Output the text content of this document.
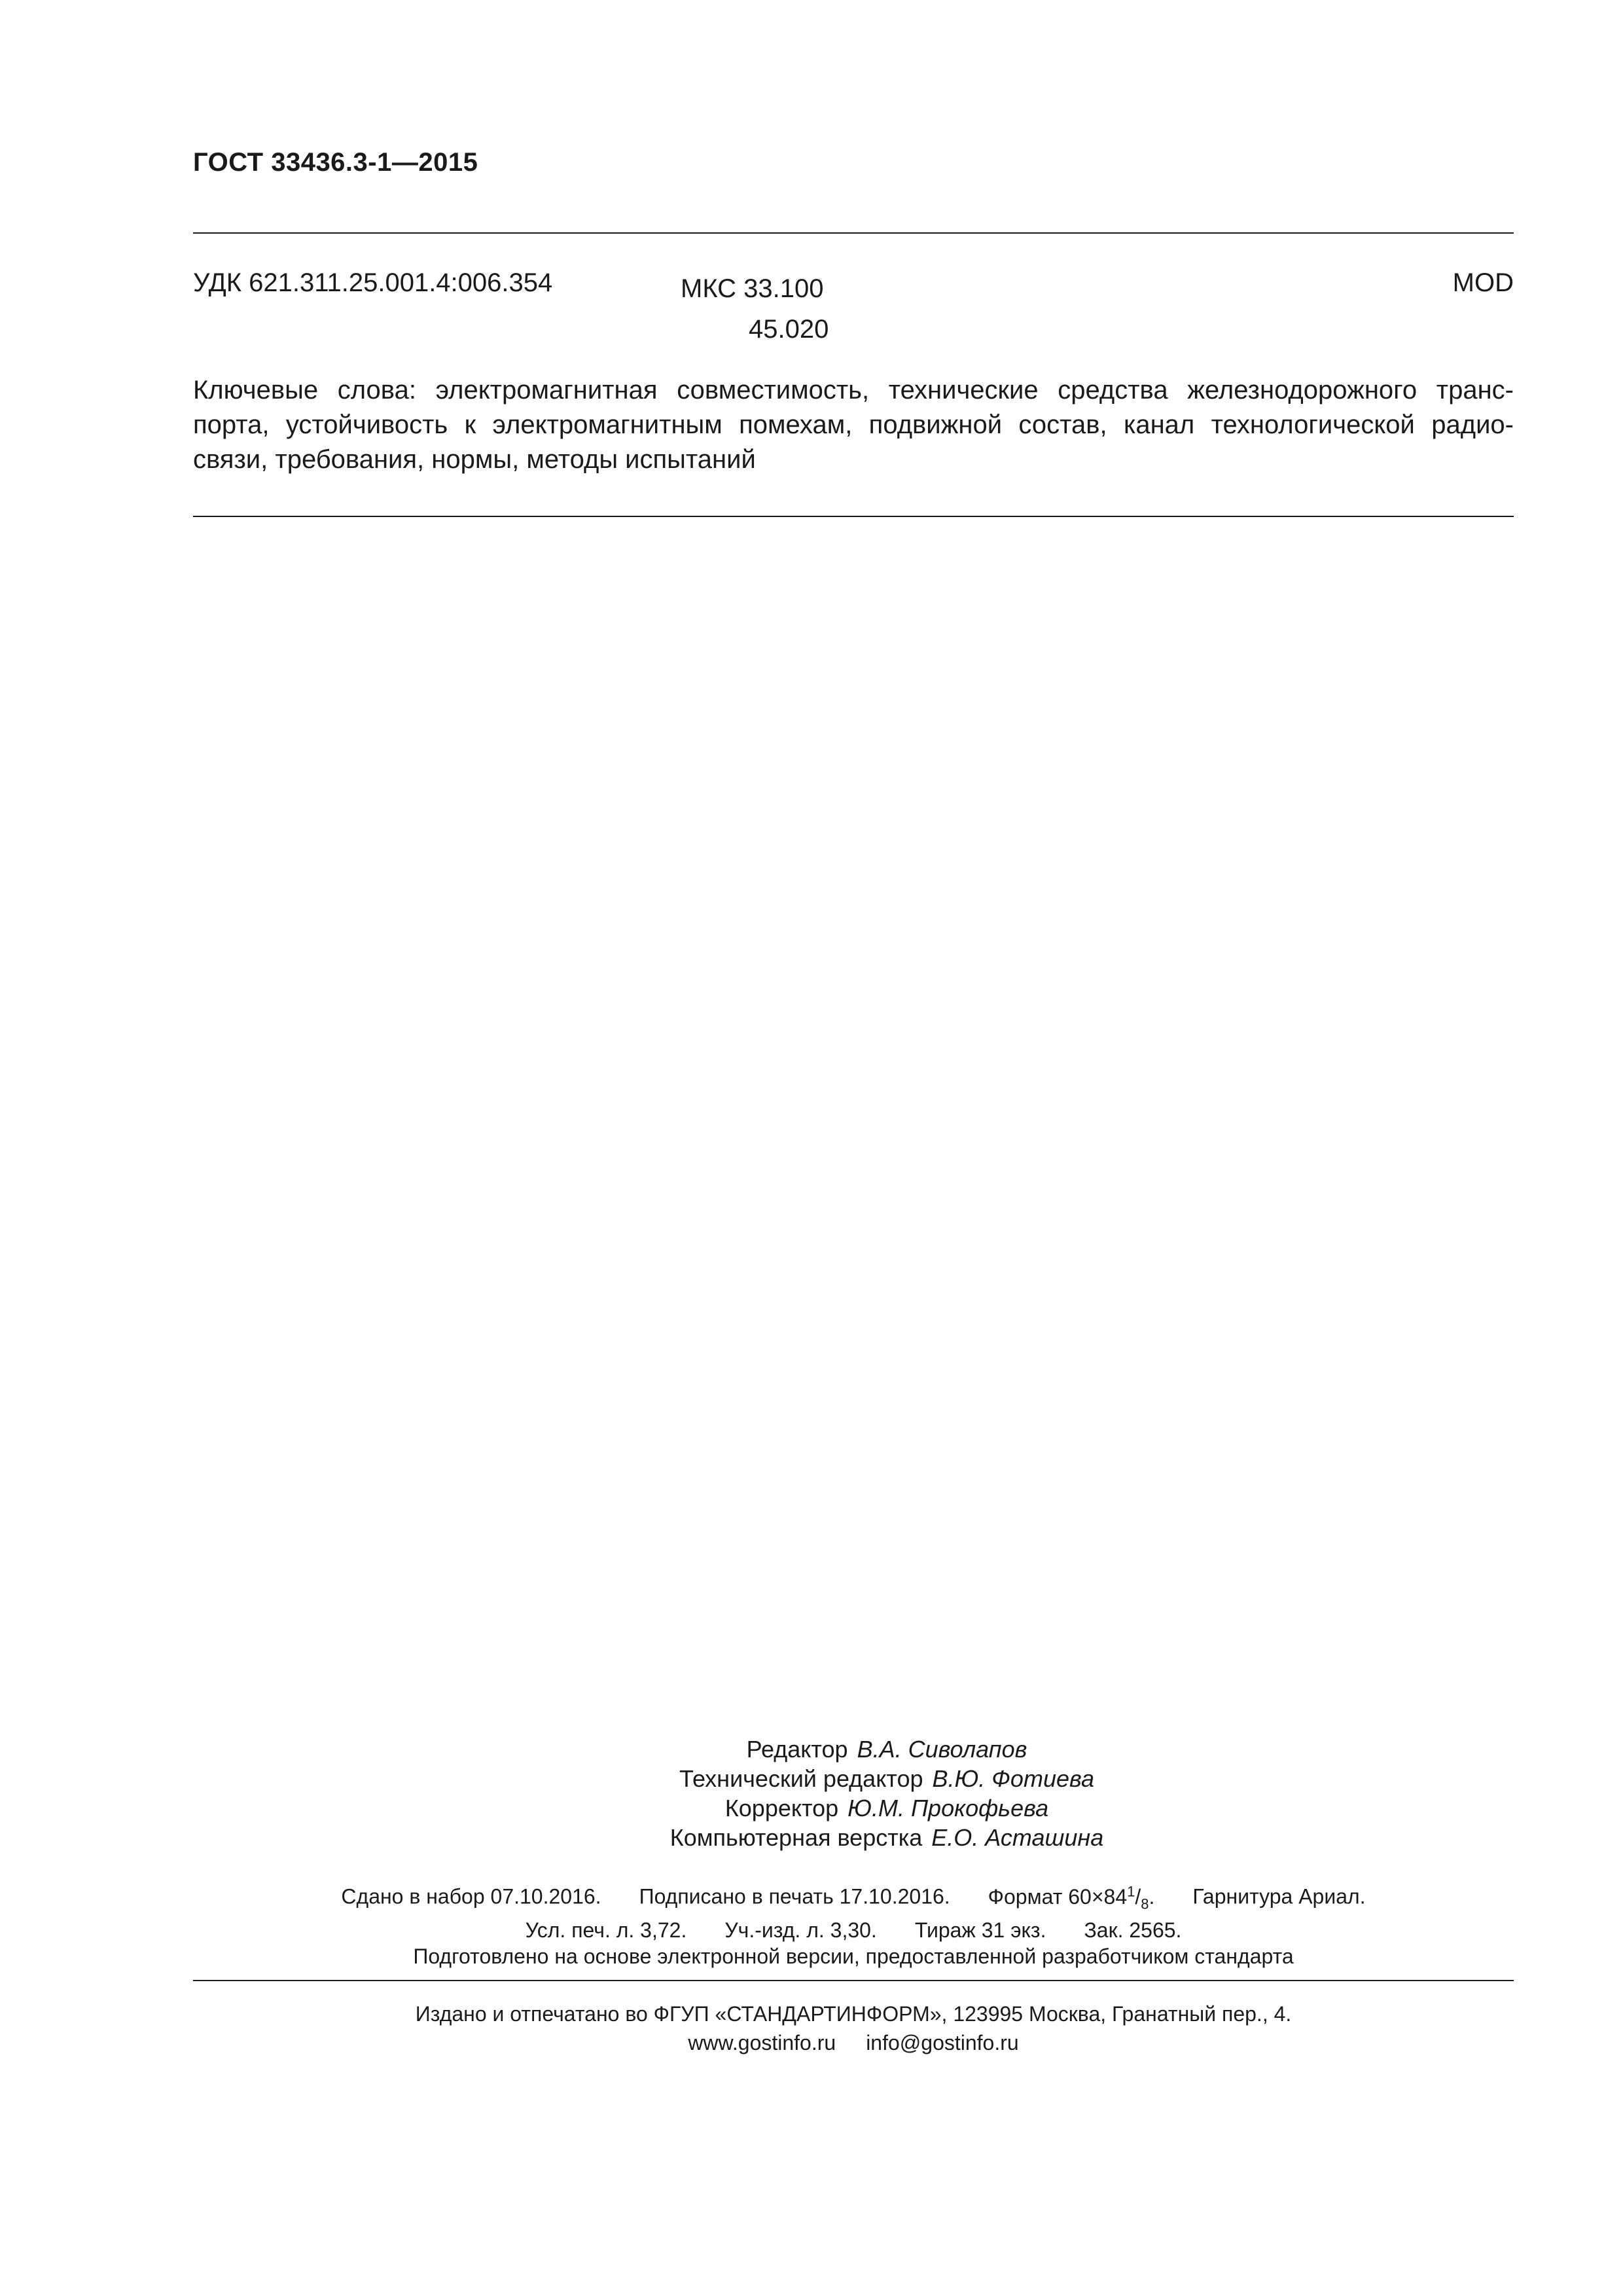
ГОСТ 33436.3-1—2015
УДК 621.311.25.001.4:006.354	МКС 33.100
45.020
MOD
Ключевые слова: электромагнитная совместимость, технические средства железнодорожного транс-
порта, устойчивость к электромагнитным помехам, подвижной состав, канал технологической радио-
связи, требования, нормы, методы испытаний
Редактор В.А. Сиволапов
Технический редактор В.Ю. Фотиева
Корректор Ю.М. Прокофьева
Компьютерная верстка Е.О. Асташина
Сдано в набор 07.10.2016. Подписано в печать 17.10.2016. Формат $60\times 84^1/_8$. Гарнитура Ариал.
Усл. печ. л. 3,72. Уч.-изд. л. 3,30. Тираж 31 экз. Зак. 2565.
Подготовлено на основе электронной версии, предоставленной разработчиком стандарта
Издано и отпечатано во ФГУП «СТАНДАРТИНФОРМ», 123995 Москва, Гранатный пер., 4.
www.gostinfo.ru info@gostinfo.ru
